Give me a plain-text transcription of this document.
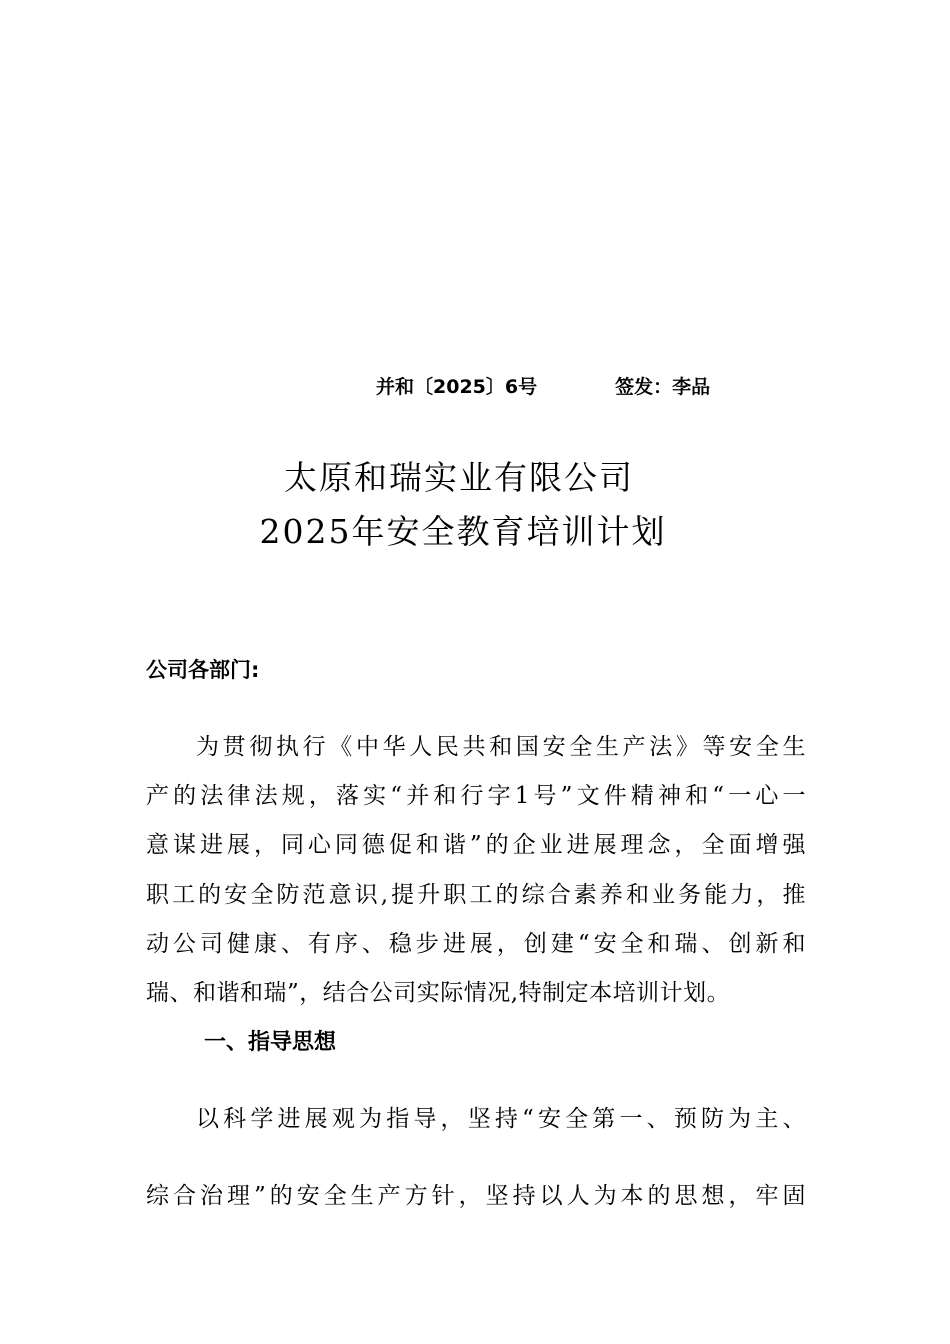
并和〔2025〕6号	签发：李品
太原和瑞实业有限公司
2025年安全教育培训计划
公司各部门:
为贯彻执行《中华人民共和国安全生产法》等安全生
产的法律法规，落实“并和行字1号”文件精神和“一心一
意谋进展，同心同德促和谐”的企业进展理念，全面增强
职工的安全防范意识,提升职工的综合素养和业务能力，推
动公司健康、有序、稳步进展，创建“安全和瑞、创新和
瑞、和谐和瑞”，结合公司实际情况,特制定本培训计划。
一、指导思想
以科学进展观为指导，坚持“安全第一、预防为主、
综合治理”的安全生产方针，坚持以人为本的思想，牢固
